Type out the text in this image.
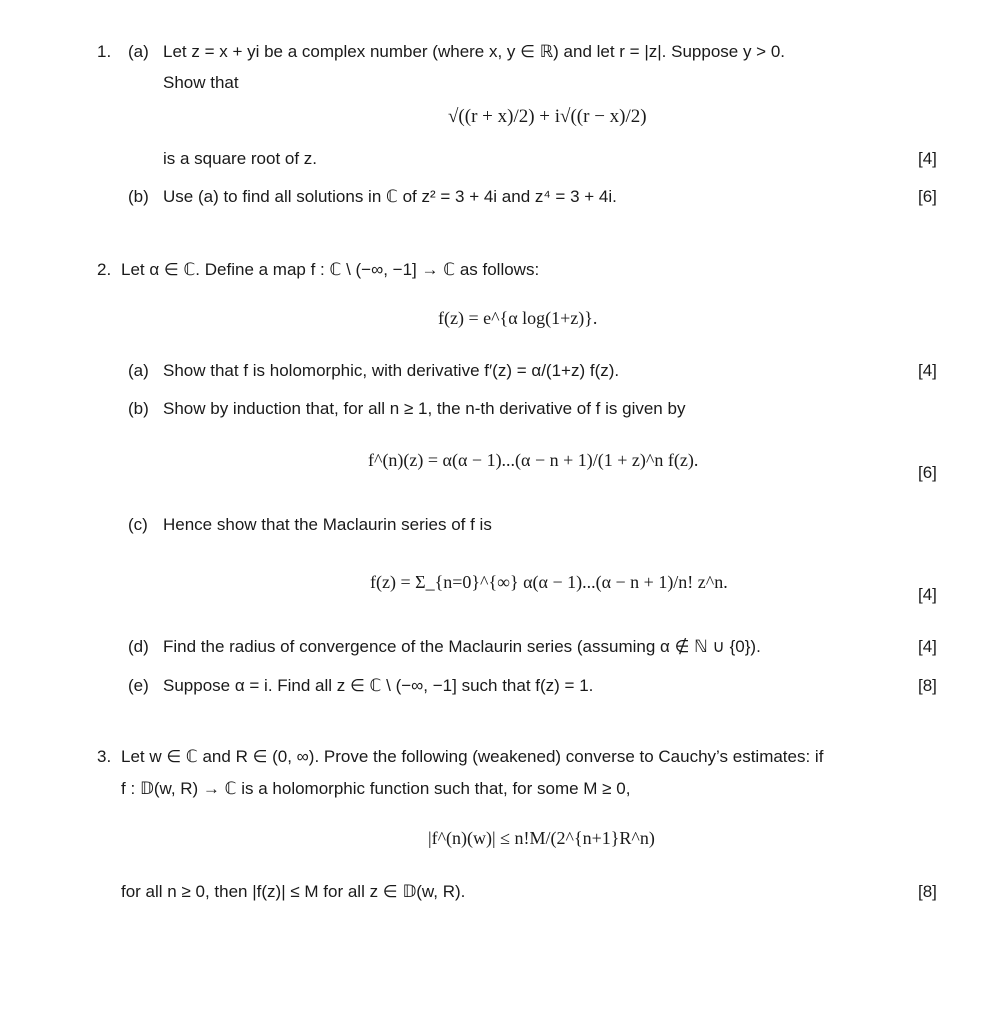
1. (a) Let z = x + yi be a complex number (where x, y ∈ ℝ) and let r = |z|. Suppose y > 0.
Show that
√((r + x)/2) + i√((r − x)/2)
is a square root of z.	[4]
(b) Use (a) to find all solutions in ℂ of z² = 3 + 4i and z⁴ = 3 + 4i.	[6]
2. Let α ∈ ℂ. Define a map f : ℂ \ (−∞, −1] → ℂ as follows:
f(z) = e^{α log(1+z)}.
(a) Show that f is holomorphic, with derivative f′(z) = α/(1+z) f(z).	[4]
(b) Show by induction that, for all n ≥ 1, the n-th derivative of f is given by
f^(n)(z) = α(α − 1)...(α − n + 1)/(1 + z)^n f(z).
[6]
(c) Hence show that the Maclaurin series of f is
f(z) = Σ_{n=0}^{∞} α(α − 1)...(α − n + 1)/n! z^n.
[4]
(d) Find the radius of convergence of the Maclaurin series (assuming α ∉ ℕ ∪ {0}).	[4]
(e) Suppose α = i. Find all z ∈ ℂ \ (−∞, −1] such that f(z) = 1.	[8]
3. Let w ∈ ℂ and R ∈ (0, ∞). Prove the following (weakened) converse to Cauchy’s estimates: if
f : 𝔻(w, R) → ℂ is a holomorphic function such that, for some M ≥ 0,
|f^(n)(w)| ≤ n!M/(2^{n+1}R^n)
for all n ≥ 0, then |f(z)| ≤ M for all z ∈ 𝔻(w, R).	[8]
